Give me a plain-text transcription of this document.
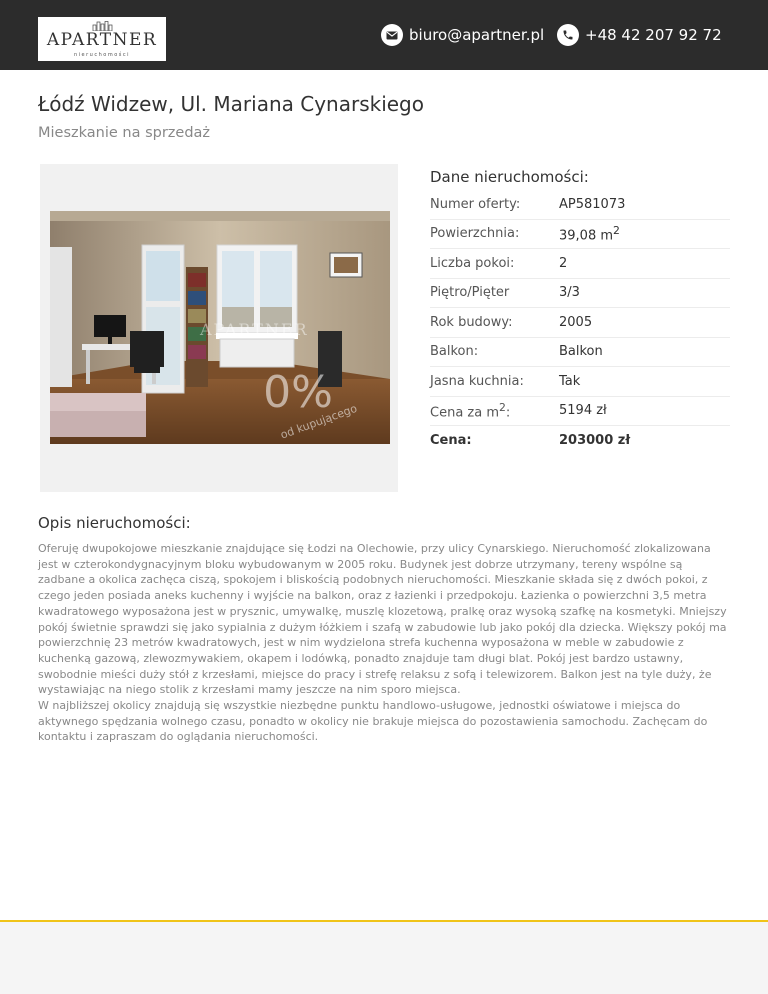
APARTNER
nieruchomości
biuro@apartner.pl	+48 42 207 92 72
Łódź Widzew, Ul. Mariana Cynarskiego
Mieszkanie na sprzedaż
APARTNER
0%
od kupującego
Dane nieruchomości:
Numer oferty:	AP581073
Powierzchnia:	39,08 $m^2$
Liczba pokoi:	2
Piętro/Pięter	3/3
Rok budowy:	2005
Balkon:	Balkon
Jasna kuchnia:	Tak
Cena za $m^2$:	5194 zł
Cena:	203000 zł
Opis nieruchomości:

Oferuję dwupokojowe mieszkanie znajdujące się Łodzi na Olechowie, przy ulicy Cynarskiego. Nieruchomość zlokalizowana jest w czterokondygnacyjnym bloku wybudowanym w 2005 roku. Budynek jest dobrze utrzymany, tereny wspólne są zadbane a okolica zachęca ciszą, spokojem i bliskością podobnych nieruchomości. Mieszkanie składa się z dwóch pokoi, z czego jeden posiada aneks kuchenny i wyjście na balkon, oraz z łazienki i przedpokoju. Łazienka o powierzchni 3,5 metra kwadratowego wyposażona jest w prysznic, umywalkę, muszlę klozetową, pralkę oraz wysoką szafkę na kosmetyki. Mniejszy pokój świetnie sprawdzi się jako sypialnia z dużym łóżkiem i szafą w zabudowie lub jako pokój dla dziecka. Większy pokój ma powierzchnię 23 metrów kwadratowych, jest w nim wydzielona strefa kuchenna wyposażona w meble w zabudowie z kuchenką gazową, zlewozmywakiem, okapem i lodówką, ponadto znajduje tam długi blat. Pokój jest bardzo ustawny, swobodnie mieści duży stół z krzesłami, miejsce do pracy i strefę relaksu z sofą i telewizorem. Balkon jest na tyle duży, że wystawiając na niego stolik z krzesłami mamy jeszcze na nim sporo miejsca.

W najbliższej okolicy znajdują się wszystkie niezbędne punktu handlowo-usługowe, jednostki oświatowe i miejsca do aktywnego spędzania wolnego czasu, ponadto w okolicy nie brakuje miejsca do pozostawienia samochodu. Zachęcam do kontaktu i zapraszam do oglądania nieruchomości.
